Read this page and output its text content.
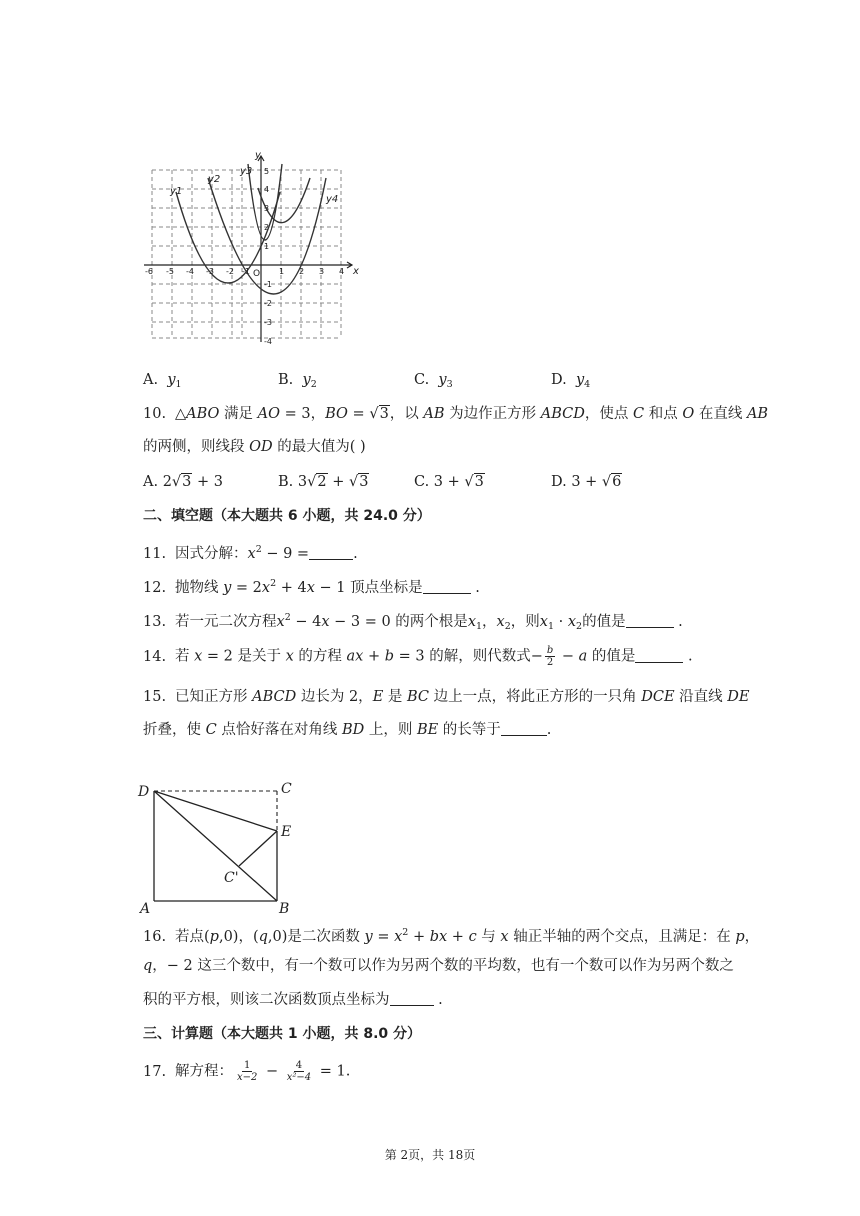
y
x
O
y1
y2
y3
y4
-6 -5 -4 -3 -2 -1	1 2 3 4
5
4
3
2
1
-1
-2
-3
-4
A. $y_1$	B. $y_2$	C. $y_3$	D. $y_4$
10. △ABO 满足 AO = 3，BO = √3，以 AB 为边作正方形 ABCD，使点 C 和点 O 在直线 AB
的两侧，则线段 OD 的最大值为( )
A. 2√3 + 3	B. 3√2 + √3	C. 3 + √3	D. 3 + √6
二、填空题（本大题共 6 小题，共 24.0 分）
11. 因式分解：$x^2 - 9$ =	.
12. 抛物线 $y = 2x^2 + 4x - 1$ 顶点坐标是	.
13. 若一元二次方程$x^2 - 4x - 3 = 0$ 的两个根是$x_1$，$x_2$，则$x_1 \cdot x_2$的值是	.
14. 若 x = 2 是关于 x 的方程 ax + b = 3 的解，则代数式− $\frac{b}{2} - a$ 的值是	.
15. 已知正方形 ABCD 边长为 2，E 是 BC 边上一点，将此正方形的一只角 DCE 沿直线 DE
折叠，使 C 点恰好落在对角线 BD 上，则 BE 的长等于	.
D	C
E
C'
A	B
16. 若点(p,0)，(q,0)是二次函数 $y = x^2$ + bx + c 与 x 轴正半轴的两个交点，且满足：在 p，
q，− 2 这三个数中，有一个数可以作为另两个数的平均数，也有一个数可以作为另两个数之
积的平方根，则该二次函数顶点坐标为	.
三、计算题（本大题共 1 小题，共 8.0 分）
17. 解方程： $\frac{1}{x-2} - \frac{4}{\text{x²−4}} = 1$.
第 2页，共 18页
